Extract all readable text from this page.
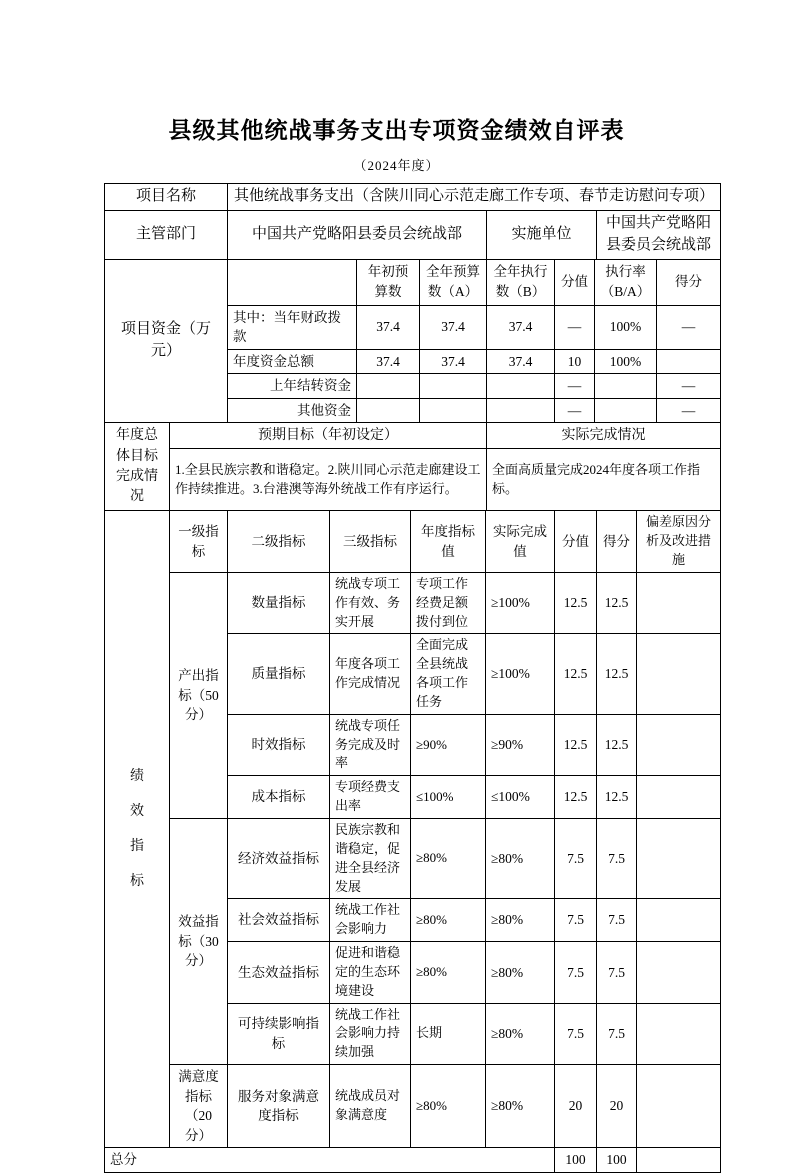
县级其他统战事务支出专项资金绩效自评表
（2024年度）
项目名称	其他统战事务支出（含陕川同心示范走廊工作专项、春节走访慰问专项）		
主管部门	中国共产党略阳县委员会统战部	实施单位	中国共产党略阳县委员会统战部
项目资金（万元）		年初预算数	全年预算数（A）	全年执行数（B）	分值	执行率（B/A）	得分
	其中：当年财政拨款	37.4	37.4	37.4	—	100%	—
	年度资金总额	37.4	37.4	37.4	10	100%	
	上年结转资金				—		—
	其他资金				—		—
年度总体目标完成情况	预期目标（年初设定）	实际完成情况
	1.全县民族宗教和谐稳定。2.陕川同心示范走廊建设工作持续推进。3.台港澳等海外统战工作有序运行。	全面高质量完成2024年度各项工作指标。
绩效指标	一级指标	二级指标	三级指标	年度指标值	实际完成值	分值	得分	偏差原因分析及改进措施
	产出指标（50分）	数量指标	统战专项工作有效、务实开展	专项工作经费足额拨付到位	≥100%	12.5	12.5	
		质量指标	年度各项工作完成情况	全面完成全县统战各项工作任务	≥100%	12.5	12.5	
		时效指标	统战专项任务完成及时率	≥90%	≥90%	12.5	12.5	
		成本指标	专项经费支出率	≤100%	≤100%	12.5	12.5	
	效益指标（30分）	经济效益指标	民族宗教和谐稳定，促进全县经济发展	≥80%	≥80%	7.5	7.5	
		社会效益指标	统战工作社会影响力	≥80%	≥80%	7.5	7.5	
		生态效益指标	促进和谐稳定的生态环境建设	≥80%	≥80%	7.5	7.5	
		可持续影响指标	统战工作社会影响力持续加强	长期	≥80%	7.5	7.5	
	满意度指标（20分）	服务对象满意度指标	统战成员对象满意度	≥80%	≥80%	20	20	
总分						100	100	
